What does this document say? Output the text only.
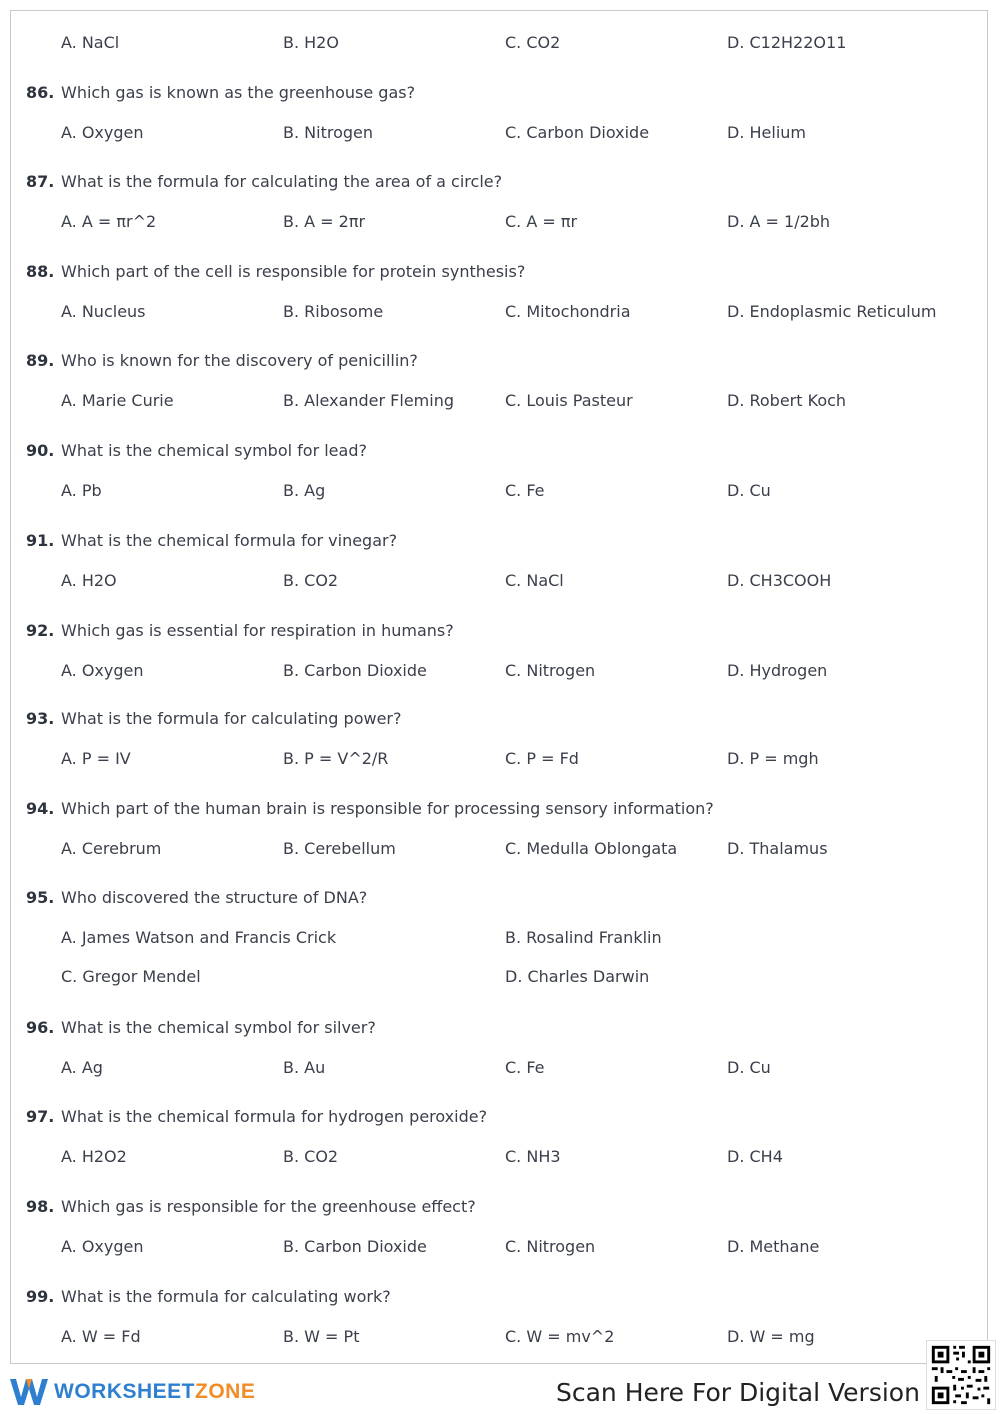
A. NaCl	B. H2O	C. CO2	D. C12H22O11
86. Which gas is known as the greenhouse gas?
A. Oxygen	B. Nitrogen	C. Carbon Dioxide	D. Helium
87. What is the formula for calculating the area of a circle?
A. A = πr^2	B. A = 2πr	C. A = πr	D. A = 1/2bh
88. Which part of the cell is responsible for protein synthesis?
A. Nucleus	B. Ribosome	C. Mitochondria	D. Endoplasmic Reticulum
89. Who is known for the discovery of penicillin?
A. Marie Curie	B. Alexander Fleming	C. Louis Pasteur	D. Robert Koch
90. What is the chemical symbol for lead?
A. Pb	B. Ag	C. Fe	D. Cu
91. What is the chemical formula for vinegar?
A. H2O	B. CO2	C. NaCl	D. CH3COOH
92. Which gas is essential for respiration in humans?
A. Oxygen	B. Carbon Dioxide	C. Nitrogen	D. Hydrogen
93. What is the formula for calculating power?
A. P = IV	B. P = V^2/R	C. P = Fd	D. P = mgh
94. Which part of the human brain is responsible for processing sensory information?
A. Cerebrum	B. Cerebellum	C. Medulla Oblongata	D. Thalamus
95. Who discovered the structure of DNA?
A. James Watson and Francis Crick	B. Rosalind Franklin
C. Gregor Mendel	D. Charles Darwin
96. What is the chemical symbol for silver?
A. Ag	B. Au	C. Fe	D. Cu
97. What is the chemical formula for hydrogen peroxide?
A. H2O2	B. CO2	C. NH3	D. CH4
98. Which gas is responsible for the greenhouse effect?
A. Oxygen	B. Carbon Dioxide	C. Nitrogen	D. Methane
99. What is the formula for calculating work?
A. W = Fd	B. W = Pt	C. W = mv^2	D. W = mg
WORKSHEETZONE	Scan Here For Digital Version
